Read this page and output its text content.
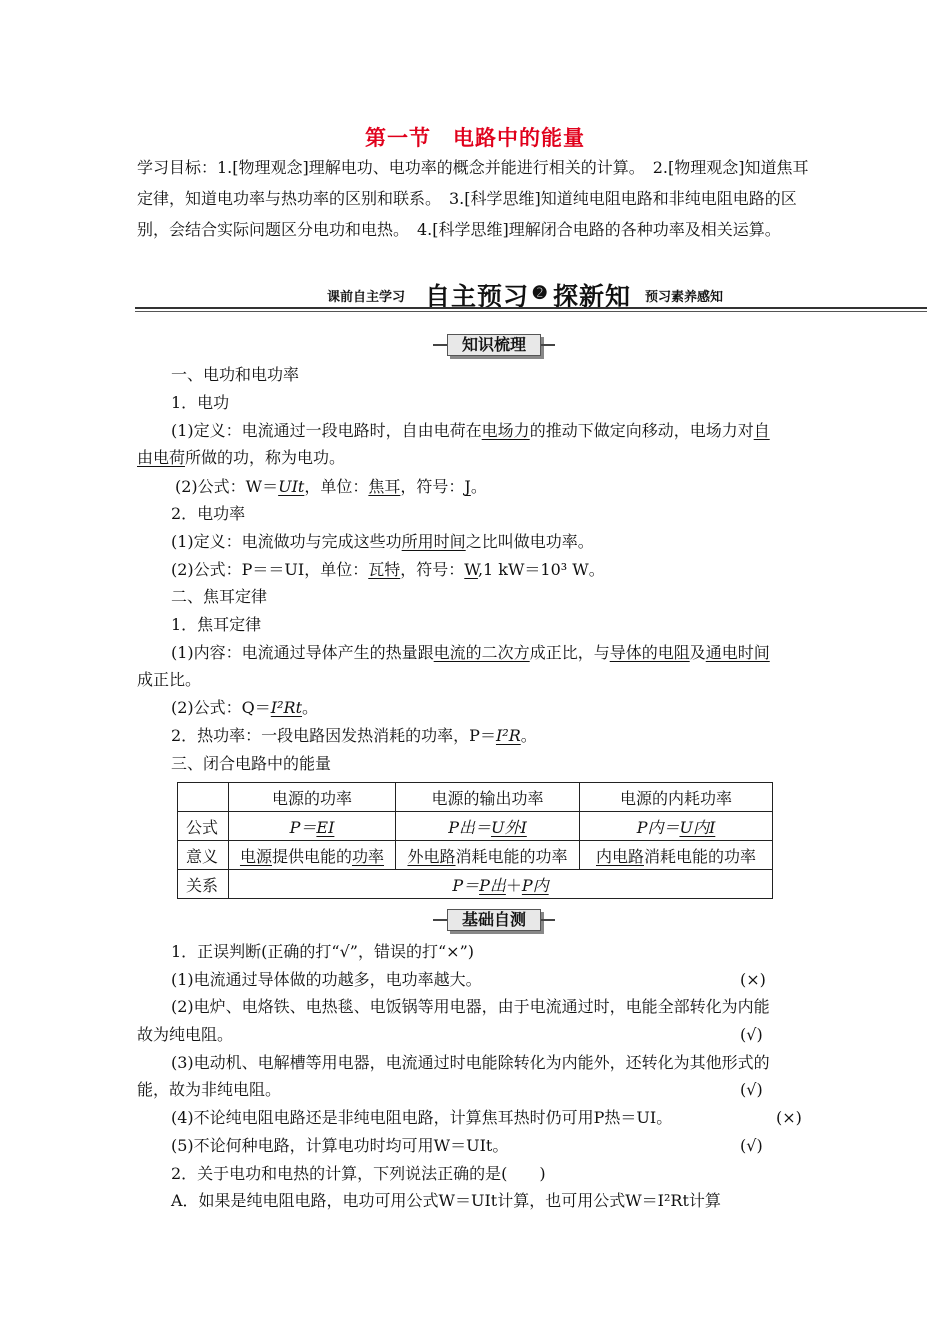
第一节　电路中的能量
学习目标：1.[物理观念]理解电功、电功率的概念并能进行相关的计算。　2.[物理观念]知道焦耳定律，知道电功率与热功率的区别和联系。　3.[科学思维]知道纯电阻电路和非纯电阻电路的区别，会结合实际问题区分电功和电热。　4.[科学思维]理解闭合电路的各种功率及相关运算。
课前自主学习 自主预习 ➋ 探新知 预习素养感知
知识梳理
一、电功和电功率
1．电功
(1)定义：电流通过一段电路时，自由电荷在电场力的推动下做定向移动，电场力对自
由电荷所做的功，称为电功。
(2)公式：W＝UIt，单位：焦耳，符号：J。
2．电功率
(1)定义：电流做功与完成这些功所用时间之比叫做电功率。
(2)公式：P＝＝UI，单位：瓦特，符号：W,1 kW＝10³ W。
二、焦耳定律
1．焦耳定律
(1)内容：电流通过导体产生的热量跟电流的二次方成正比，与导体的电阻及通电时间
成正比。
(2)公式：Q＝I²Rt。
2．热功率：一段电路因发热消耗的功率，P＝I²R。
三、闭合电路中的能量
	电源的功率	电源的输出功率	电源的内耗功率
公式	P＝EI	P出＝U外I	P内＝U内I
意义	电源提供电能的功率	外电路消耗电能的功率	内电路消耗电能的功率
关系	P＝P出＋P内		
基础自测
1．正误判断(正确的打“√”，错误的打“×”)
(1)电流通过导体做的功越多，电功率越大。	(×)
(2)电炉、电烙铁、电热毯、电饭锅等用电器，由于电流通过时，电能全部转化为内能
故为纯电阻。	(√)
(3)电动机、电解槽等用电器，电流通过时电能除转化为内能外，还转化为其他形式的
能，故为非纯电阻。	(√)
(4)不论纯电阻电路还是非纯电阻电路，计算焦耳热时仍可用P热＝UI。	(×)
(5)不论何种电路，计算电功时均可用W＝UIt。	(√)
2．关于电功和电热的计算，下列说法正确的是(　　)
A．如果是纯电阻电路，电功可用公式W＝UIt计算，也可用公式W＝I²Rt计算
